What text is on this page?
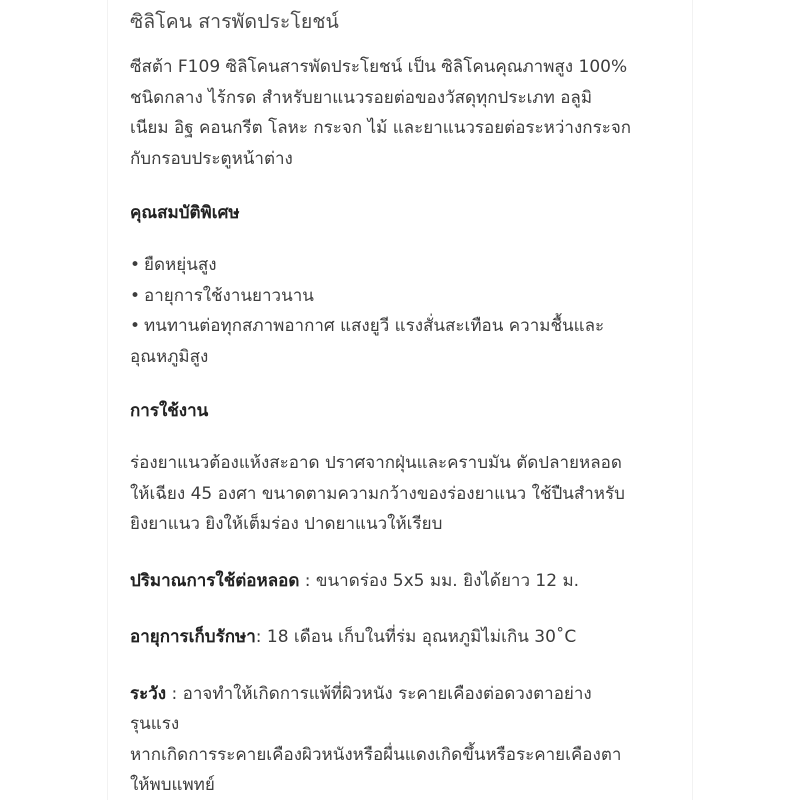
ซิลิโคน สารพัดประโยชน์

ซีสต้า F109 ซิลิโคนสารพัดประโยชน์ เป็น ซิลิโคนคุณภาพสูง 100%

ชนิดกลาง ไร้กรด สำหรับยาแนวรอยต่อของวัสดุทุกประเภท อลูมิ

เนียม อิฐ คอนกรีต โลหะ กระจก ไม้ และยาแนวรอยต่อระหว่างกระจก

กับกรอบประตูหน้าต่าง

คุณสมบัติพิเศษ
• ยืดหยุ่นสูง
• อายุการใช้งานยาวนาน
• ทนทานต่อทุกสภาพอากาศ แสงยูวี แรงสั่นสะเทือน ความชื้นและ
อุณหภูมิสูง
การใช้งาน

ร่องยาแนวต้องแห้งสะอาด ปราศจากฝุ่นและคราบมัน ตัดปลายหลอด

ให้เฉียง 45 องศา ขนาดตามความกว้างของร่องยาแนว ใช้ปืนสำหรับ

ยิงยาแนว ยิงให้เต็มร่อง ปาดยาแนวให้เรียบ

ปริมาณการใช้ต่อหลอด : ขนาดร่อง 5x5 มม. ยิงได้ยาว 12 ม.

อายุการเก็บรักษา: 18 เดือน เก็บในที่ร่ม อุณหภูมิไม่เกิน 30˚C

ระวัง : อาจทำให้เกิดการแพ้ที่ผิวหนัง ระคายเคืองต่อดวงตาอย่าง

รุนแรง

หากเกิดการระคายเคืองผิวหนังหรือผื่นแดงเกิดขึ้นหรือระคายเคืองตา

ให้พบแพทย์
